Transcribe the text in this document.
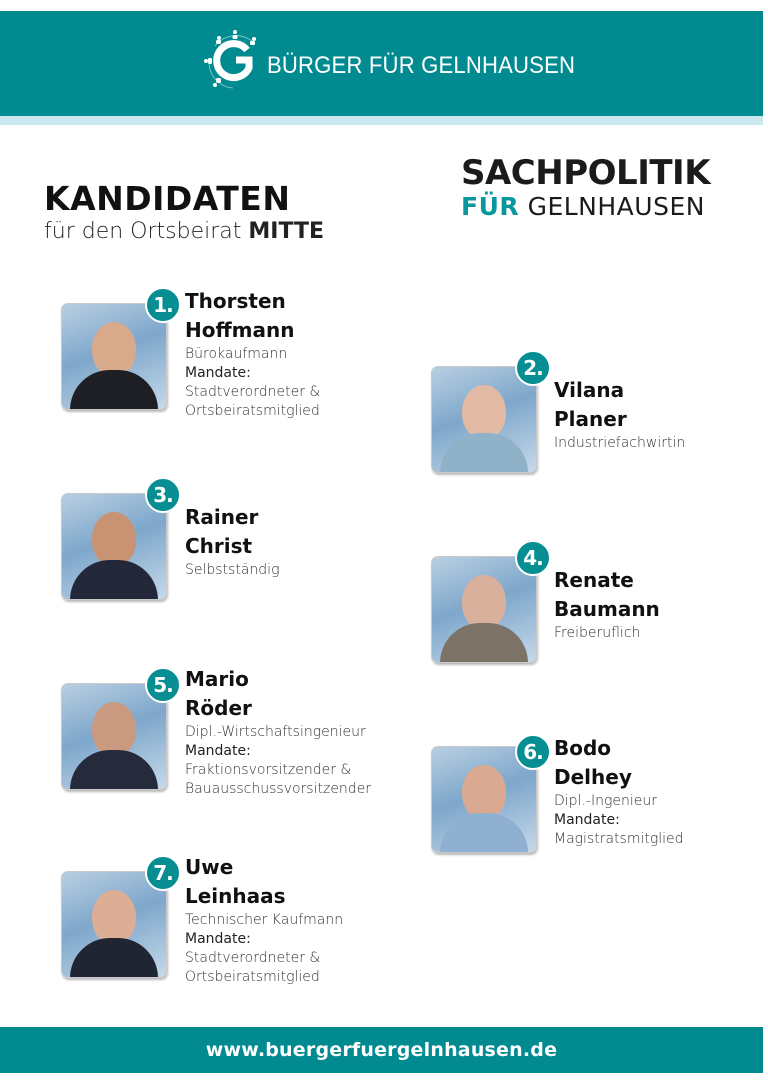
BÜRGER FÜR GELNHAUSEN
KANDIDATEN
für den Ortsbeirat MITTE
SACHPOLITIK
FÜR GELNHAUSEN
1. Thorsten
Hoffmann
Bürokaufmann
Mandate:
Stadtverordneter &
Ortsbeiratsmitglied
2.
Vilana
Planer
Industriefachwirtin
3.
Rainer
Christ
Selbstständig	4.
Renate
Baumann
Freiberuflich
5. Mario
Röder
Dipl.-Wirtschaftsingenieur
Mandate:
Fraktionsvorsitzender &
Bauausschussvorsitzender
6. Bodo
Delhey
Dipl.-Ingenieur
Mandate:
Magistratsmitglied
7. Uwe
Leinhaas
Technischer Kaufmann
Mandate:
Stadtverordneter &
Ortsbeiratsmitglied
www.buergerfuergelnhausen.de
